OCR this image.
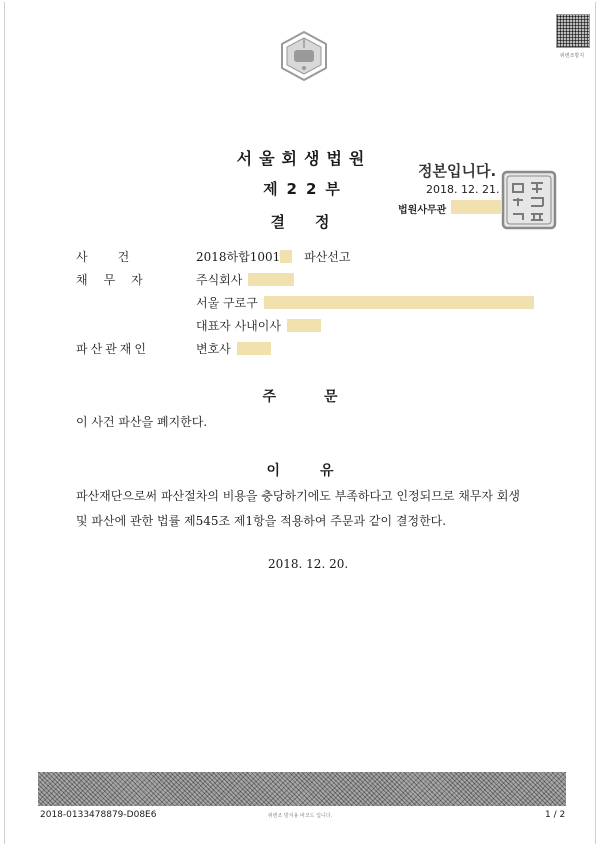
위변조방지
서울회생법원
제22부
결정
정본입니다.
2018. 12. 21.
법원사무관
사건	2018하합1001 파산선고
채무자	주식회사
서울 구로구
대표자 사내이사
파산관재인	변호사
주문
이 사건 파산을 폐지한다.
이유
파산재단으로써 파산절차의 비용을 충당하기에도 부족하다고 인정되므로 채무자 회생
및 파산에 관한 법률 제545조 제1항을 적용하여 주문과 같이 결정한다.
2018. 12. 20.
2018-0133478879-D08E6	위변조 방지용 바코드 입니다.	1 / 2
